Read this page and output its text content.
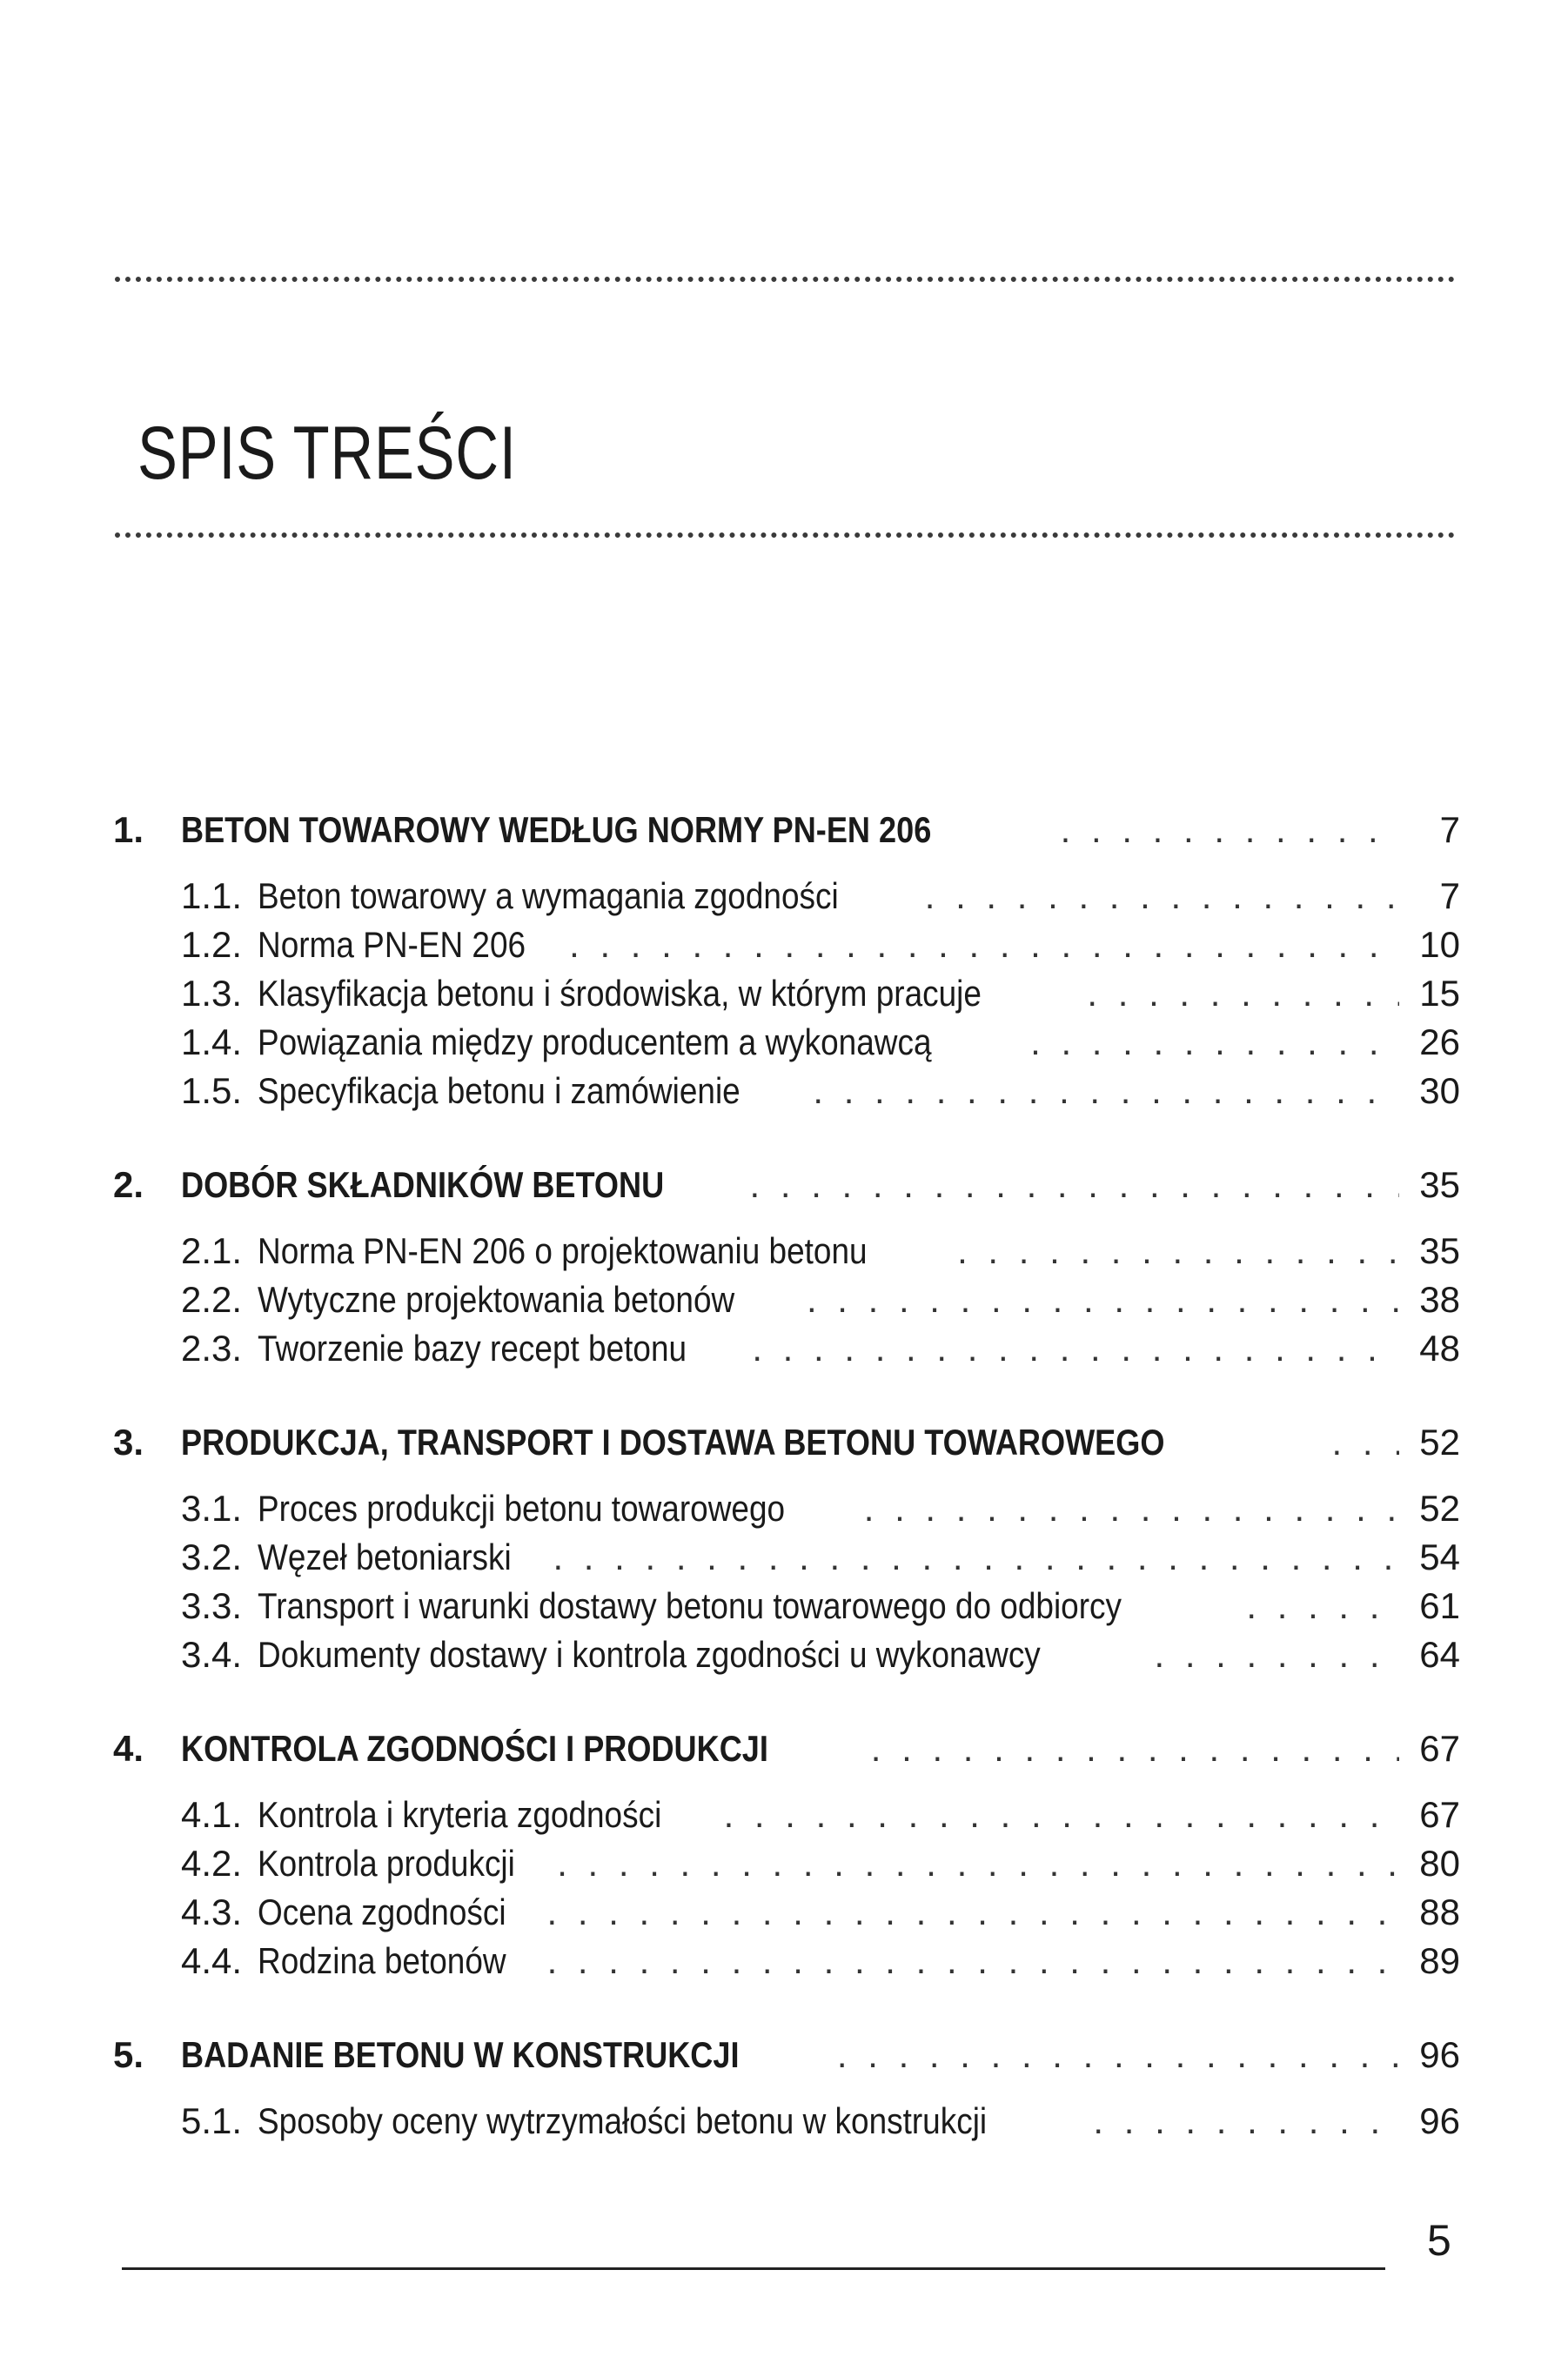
SPIS TREŚCI
1.	BETON TOWAROWY WEDŁUG NORMY PN-EN 206 . . .	7
1.1. Beton towarowy a wymagania zgodności . . .	7
1.2. Norma PN-EN 206 . . .	10
1.3. Klasyfikacja betonu i środowiska, w którym pracuje . . .	15
1.4. Powiązania między producentem a wykonawcą . . .	26
1.5. Specyfikacja betonu i zamówienie . . .	30
2.	DOBÓR SKŁADNIKÓW BETONU . . .	35
2.1. Norma PN-EN 206 o projektowaniu betonu . . .	35
2.2. Wytyczne projektowania betonów . . .	38
2.3. Tworzenie bazy recept betonu . . .	48
3.	PRODUKCJA, TRANSPORT I DOSTAWA BETONU TOWAROWEGO . . .	52
3.1. Proces produkcji betonu towarowego . . .	52
3.2. Węzeł betoniarski . . .	54
3.3. Transport i warunki dostawy betonu towarowego do odbiorcy . . .	61
3.4. Dokumenty dostawy i kontrola zgodności u wykonawcy . . .	64
4.	KONTROLA ZGODNOŚCI I PRODUKCJI . . .	67
4.1. Kontrola i kryteria zgodności . . .	67
4.2. Kontrola produkcji . . .	80
4.3. Ocena zgodności . . .	88
4.4. Rodzina betonów . . .	89
5.	BADANIE BETONU W KONSTRUKCJI . . .	96
5.1. Sposoby oceny wytrzymałości betonu w konstrukcji . . .	96
5
